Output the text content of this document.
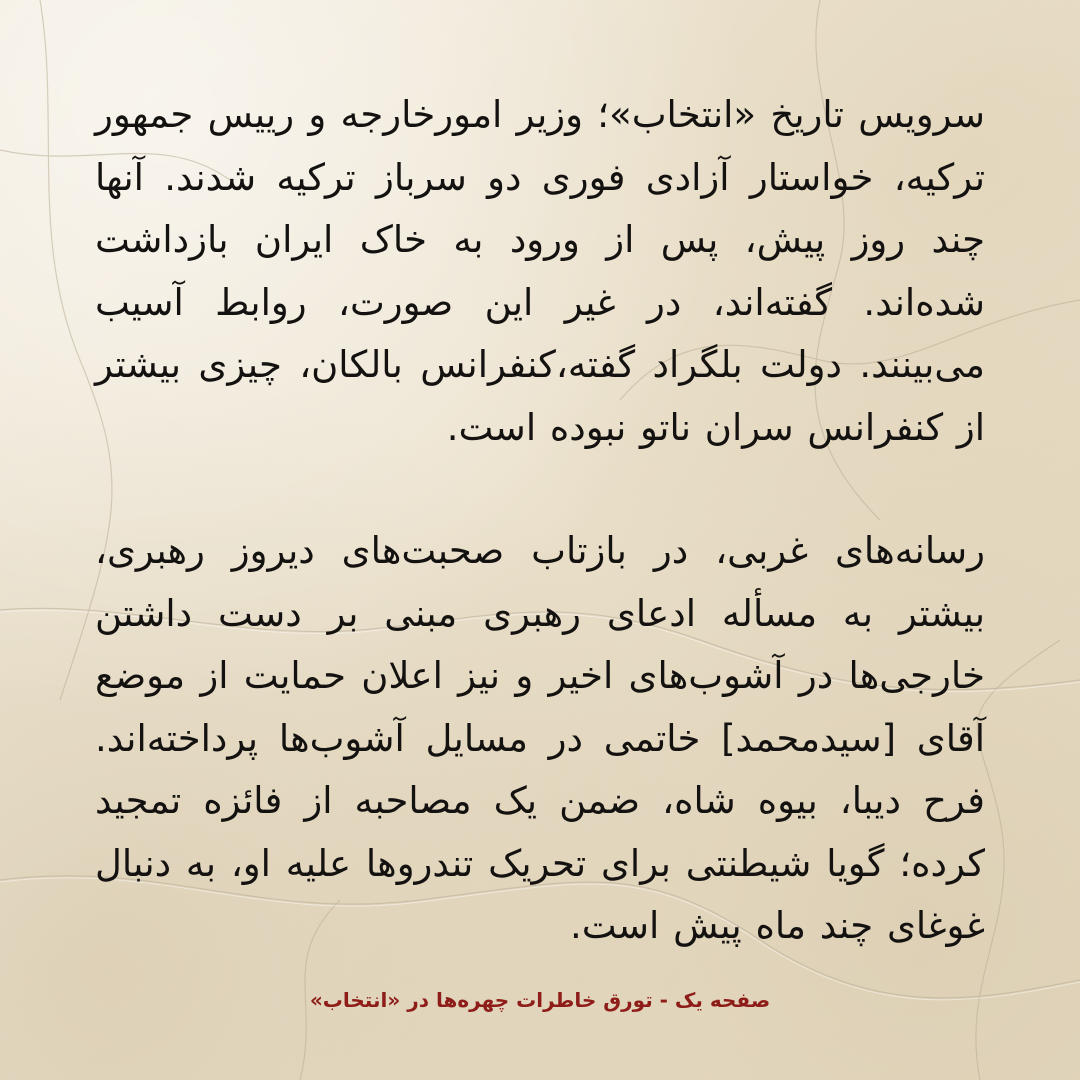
سرویس تاریخ «انتخاب»؛ وزیر امورخارجه و رییس جمهور ترکیه، خواستار آزادی فوری دو سرباز ترکیه شدند. آنها چند روز پیش، پس از ورود به خاک ایران بازداشت شده‌اند. گفته‌اند، در غیر این صورت، روابط آسیب می‌بینند. دولت بلگراد گفته،کنفرانس بالکان، چیزی بیشتر از کنفرانس سران ناتو نبوده است.

رسانه‌های غربی، در بازتاب صحبت‌های دیروز رهبری، بیشتر به مسأله ادعای رهبری مبنی بر دست داشتن خارجی‌ها در آشوب‌های اخیر و نیز اعلان حمایت از موضع آقای [سیدمحمد] خاتمی در مسایل آشوب‌ها پرداخته‌اند. فرح دیبا، بیوه شاه، ضمن یک مصاحبه از فائزه تمجید کرده؛ گویا شیطنتی برای تحریک تندروها علیه او، به دنبال غوغای چند ماه پیش است.

صفحه یک - تورق خاطرات چهره‌ها در «انتخاب»
